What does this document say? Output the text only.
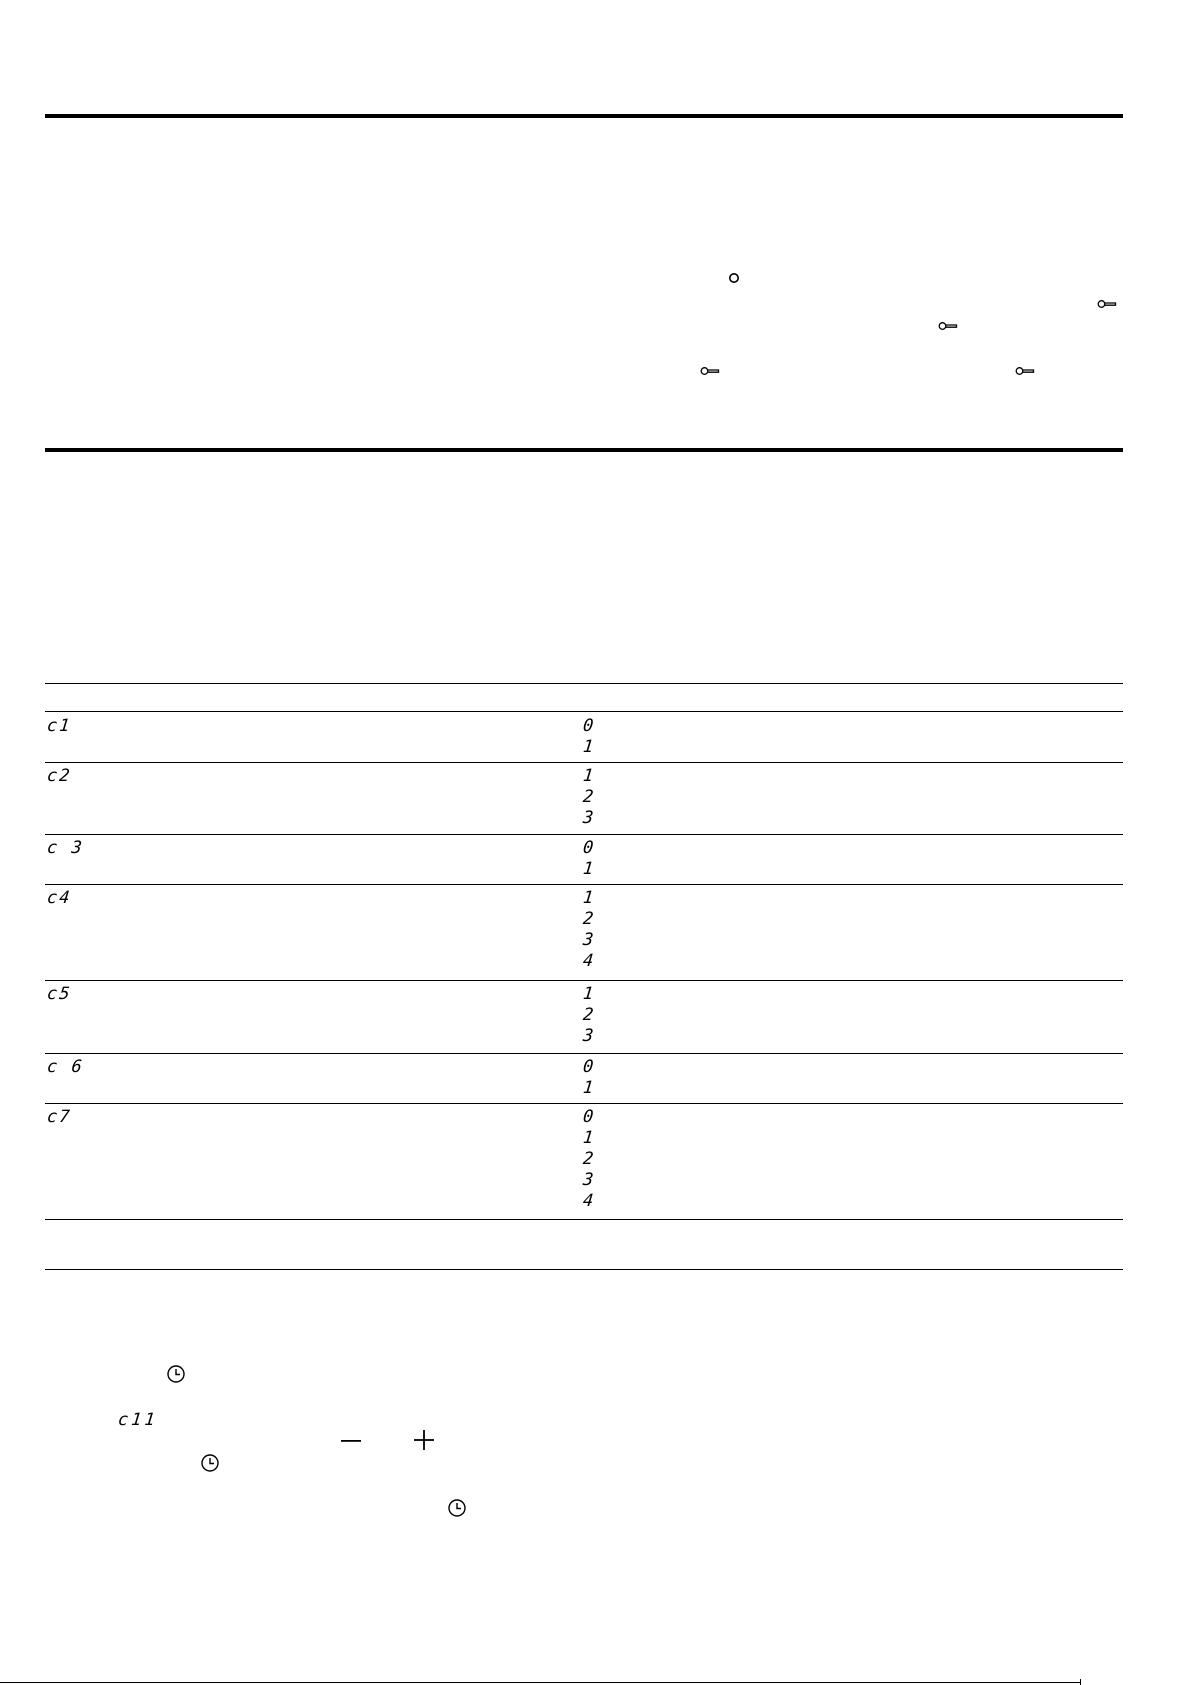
c1	0
1
c2	1
2
3
c 3	0
1
c4	1
2
3
4
c5	1
2
3
c 6	0
1
c7	0
1
2
3
4
c11
